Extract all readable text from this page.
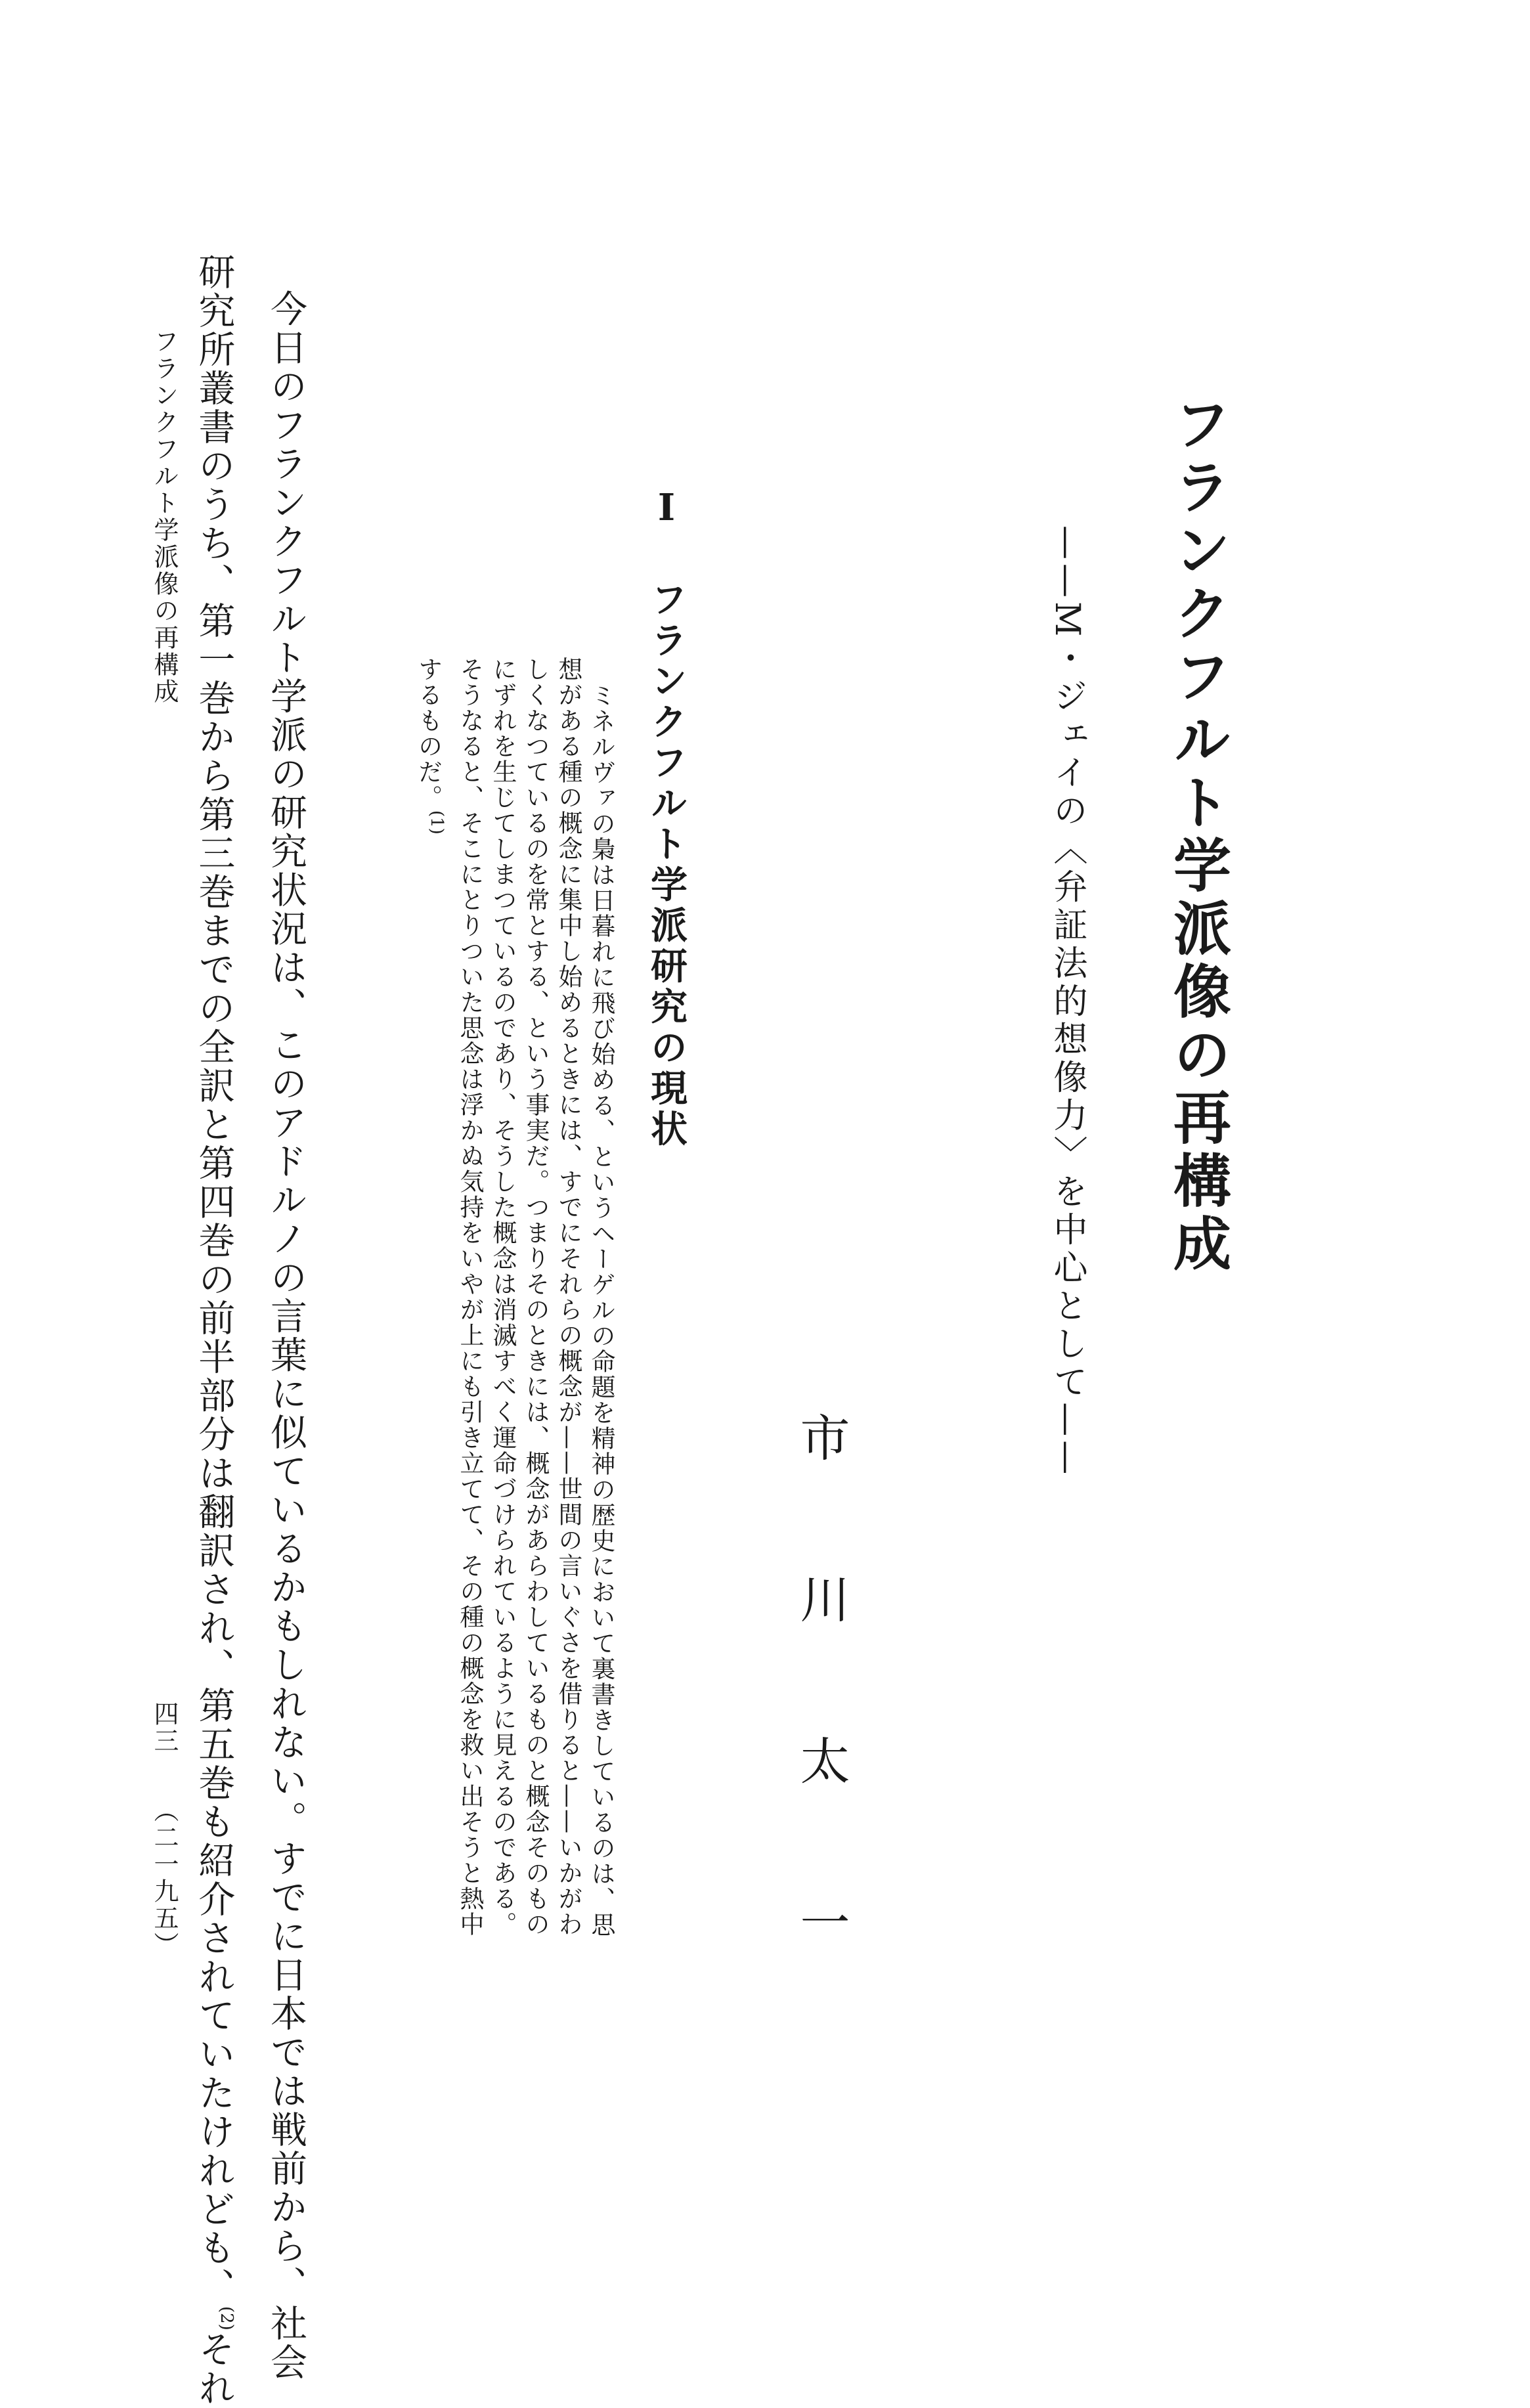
フランクフルト学派像の再構成
——M・ジェイの〈弁証法的想像力〉を中心として——
市川太一
I フランクフルト学派研究の現状
ミネルヴァの梟は日暮れに飛び始める、というヘーゲルの命題を精神の歴史において裏書きしているのは、思
想がある種の概念に集中し始めるときには、すでにそれらの概念が——世間の言いぐさを借りると——いかがわ
しくなつているのを常とする、という事実だ。つまりそのときには、概念があらわしているものと概念そのもの
にずれを生じてしまつているのであり、そうした概念は消滅すべく運命づけられているように見えるのである。
そうなると、そこにとりついた思念は浮かぬ気持をいやが上にも引き立てて、その種の概念を救い出そうと熱中
するものだ。$^{(1)}$
今日のフランクフルト学派の研究状況は、このアドルノの言葉に似ているかもしれない。すでに日本では戦前から、社会
研究所叢書のうち、第一巻から第三巻までの全訳と第四巻の前半部分は翻訳され、第五巻も紹介されていたけれども、$^{(2)}$それ
フランクフルト学派像の再構成
四三 （二一九五）
